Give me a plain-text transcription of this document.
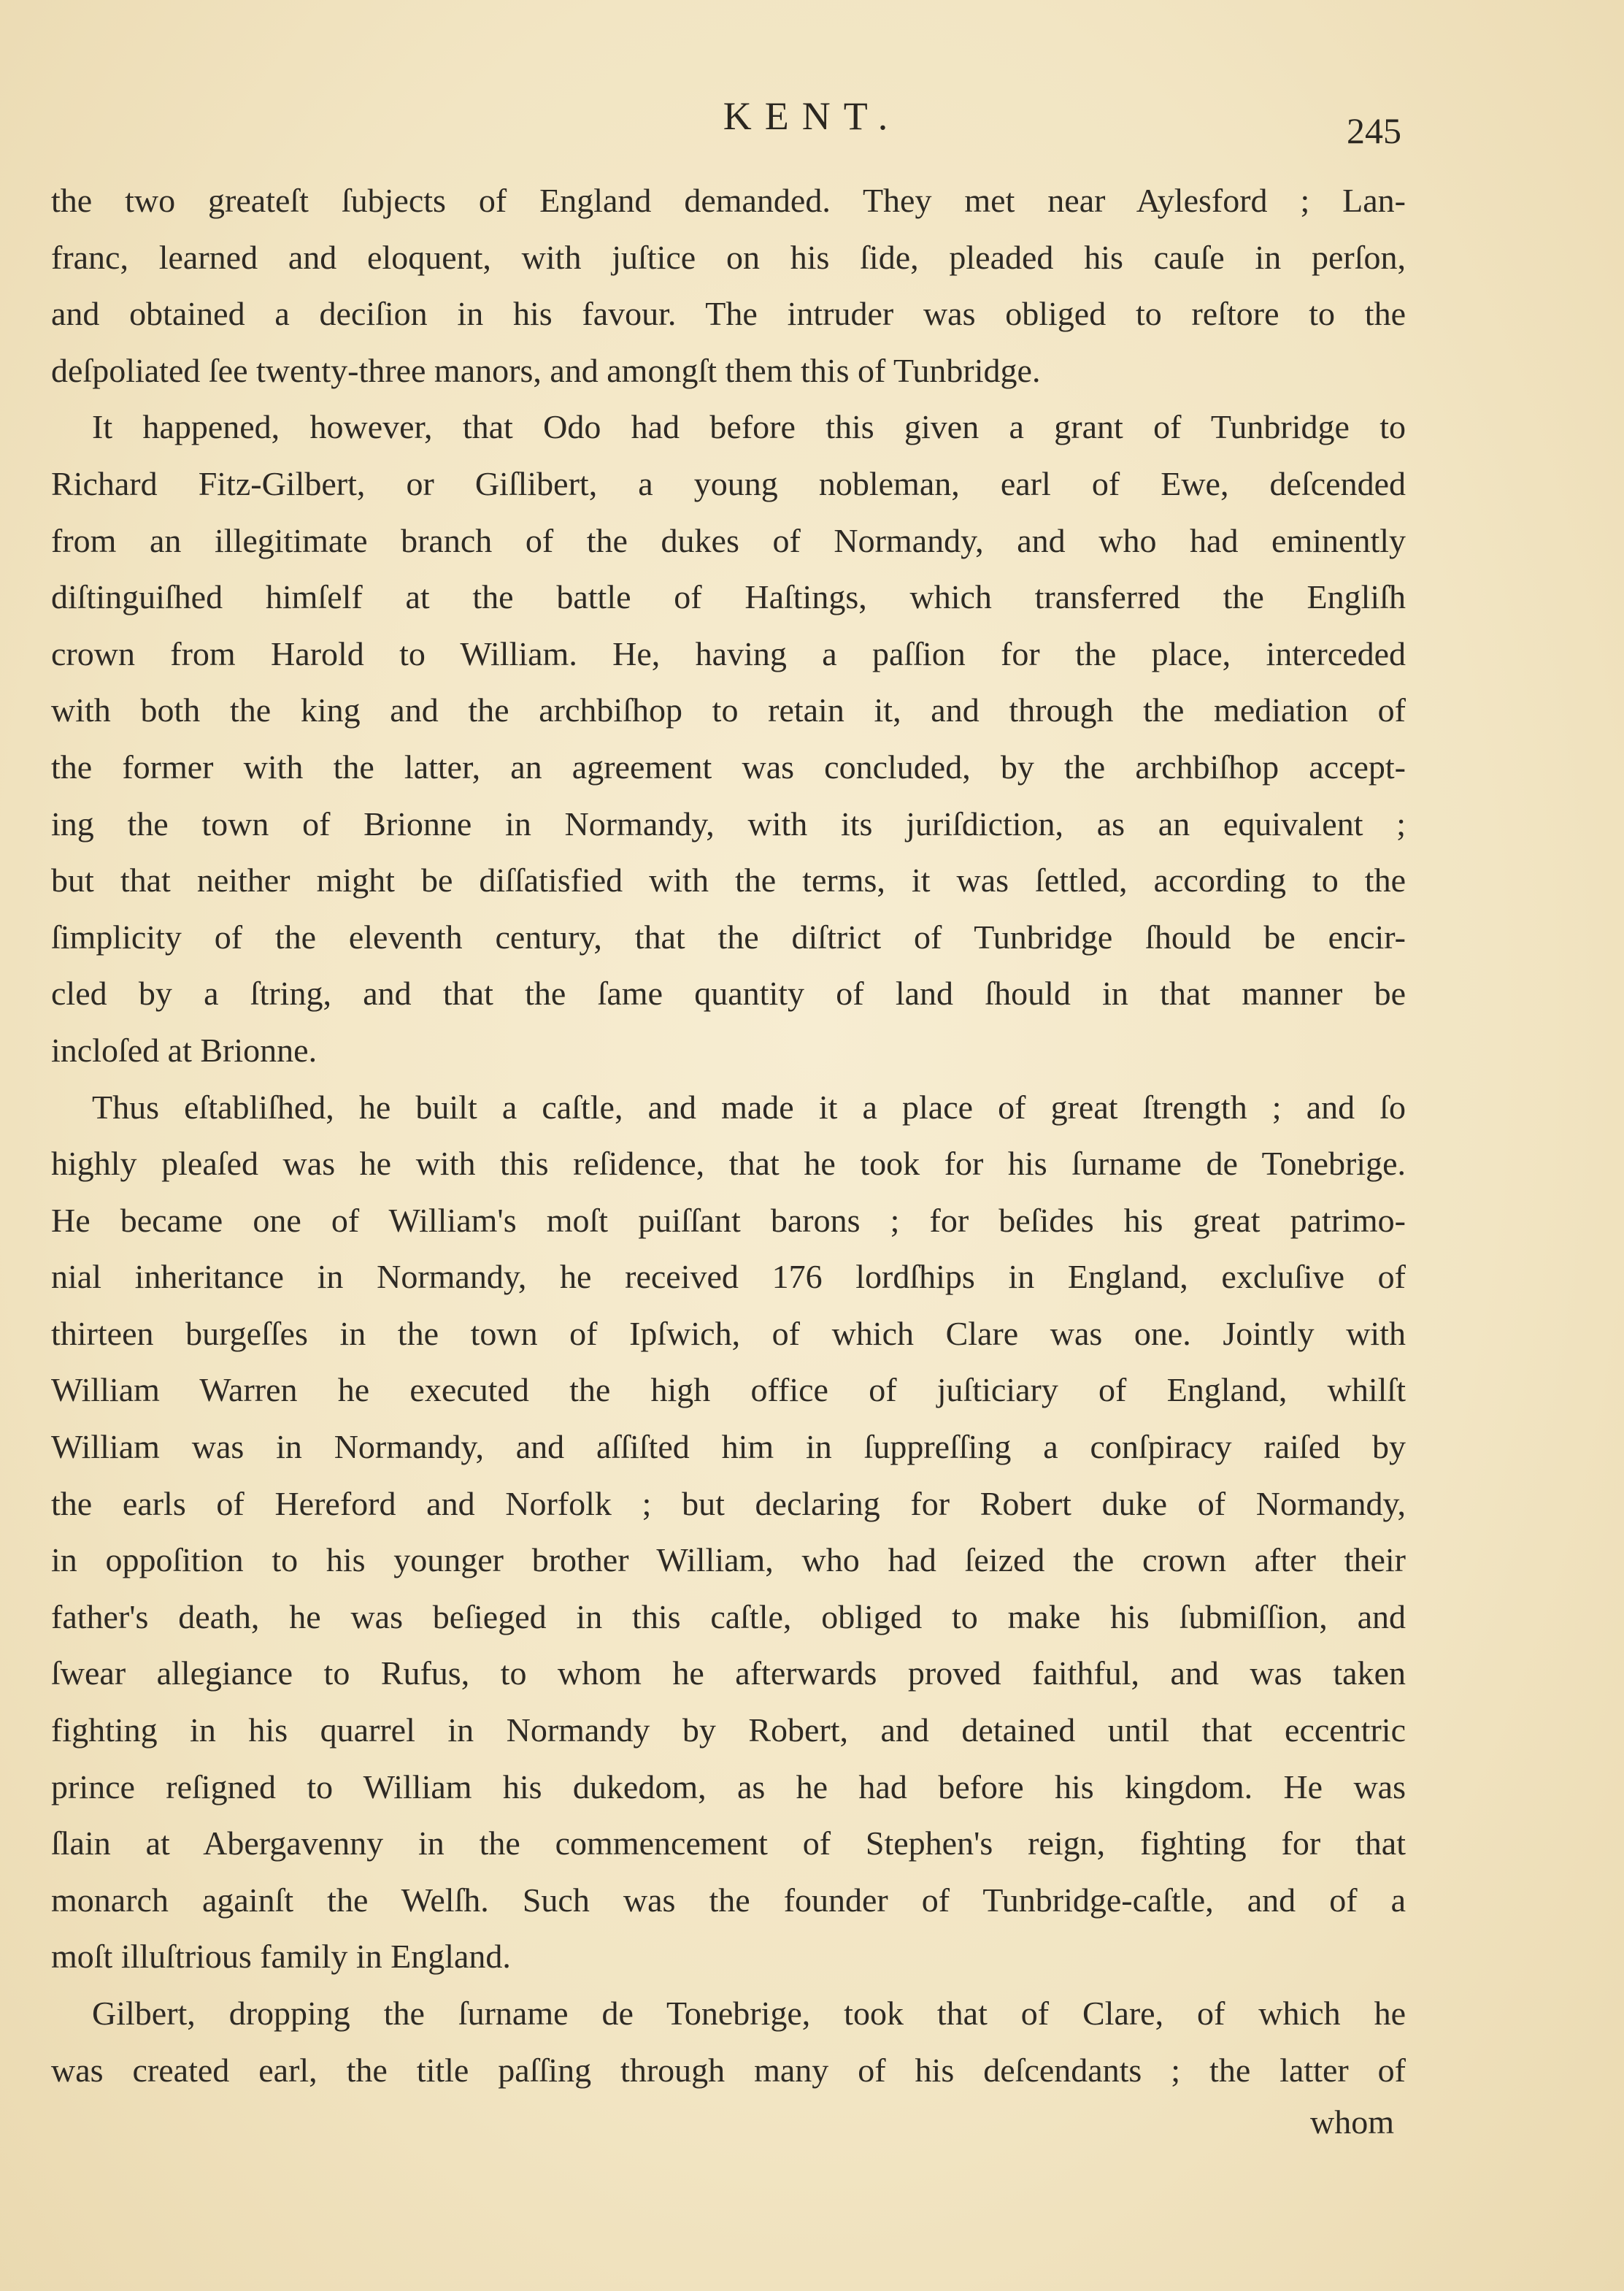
KENT.	245
the two greateſt ſubjects of England demanded. They met near Aylesford ; Lan-
franc, learned and eloquent, with juſtice on his ſide, pleaded his cauſe in perſon,
and obtained a deciſion in his favour. The intruder was obliged to reſtore to the
deſpoliated ſee twenty-three manors, and amongſt them this of Tunbridge.
It happened, however, that Odo had before this given a grant of Tunbridge to
Richard Fitz-Gilbert, or Giſlibert, a young nobleman, earl of Ewe, deſcended
from an illegitimate branch of the dukes of Normandy, and who had eminently
diſtinguiſhed himſelf at the battle of Haſtings, which transferred the Engliſh
crown from Harold to William. He, having a paſſion for the place, interceded
with both the king and the archbiſhop to retain it, and through the mediation of
the former with the latter, an agreement was concluded, by the archbiſhop accept-
ing the town of Brionne in Normandy, with its juriſdiction, as an equivalent ;
but that neither might be diſſatisfied with the terms, it was ſettled, according to the
ſimplicity of the eleventh century, that the diſtrict of Tunbridge ſhould be encir-
cled by a ſtring, and that the ſame quantity of land ſhould in that manner be
incloſed at Brionne.
Thus eſtabliſhed, he built a caſtle, and made it a place of great ſtrength ; and ſo
highly pleaſed was he with this reſidence, that he took for his ſurname de Tonebrige.
He became one of William's moſt puiſſant barons ; for beſides his great patrimo-
nial inheritance in Normandy, he received 176 lordſhips in England, excluſive of
thirteen burgeſſes in the town of Ipſwich, of which Clare was one. Jointly with
William Warren he executed the high office of juſticiary of England, whilſt
William was in Normandy, and aſſiſted him in ſuppreſſing a conſpiracy raiſed by
the earls of Hereford and Norfolk ; but declaring for Robert duke of Normandy,
in oppoſition to his younger brother William, who had ſeized the crown after their
father's death, he was beſieged in this caſtle, obliged to make his ſubmiſſion, and
ſwear allegiance to Rufus, to whom he afterwards proved faithful, and was taken
fighting in his quarrel in Normandy by Robert, and detained until that eccentric
prince reſigned to William his dukedom, as he had before his kingdom. He was
ſlain at Abergavenny in the commencement of Stephen's reign, fighting for that
monarch againſt the Welſh. Such was the founder of Tunbridge-caſtle, and of a
moſt illuſtrious family in England.
Gilbert, dropping the ſurname de Tonebrige, took that of Clare, of which he
was created earl, the title paſſing through many of his deſcendants ; the latter of
whom
